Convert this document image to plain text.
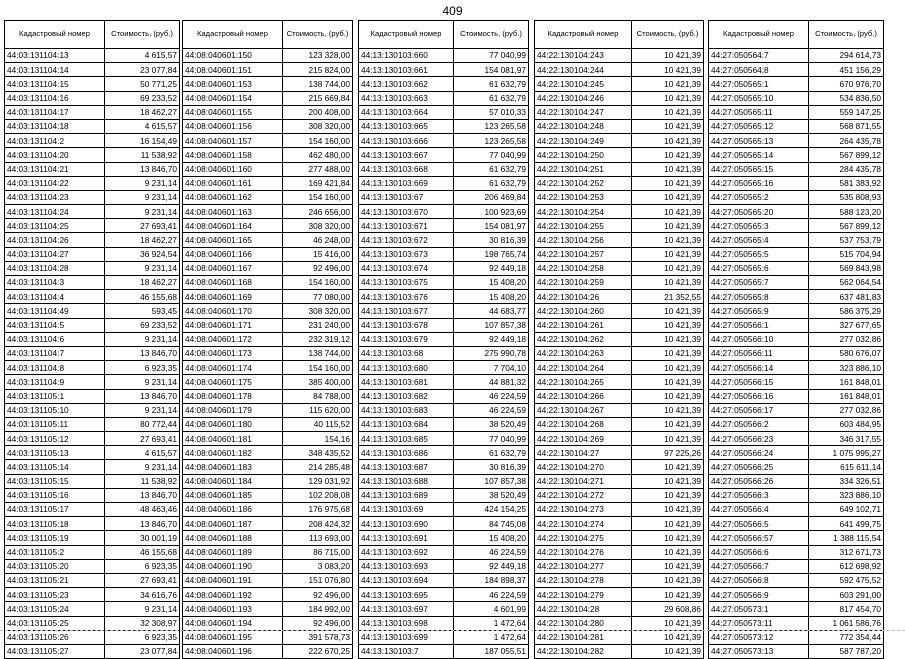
409
Кадастровый номер	Стоимость, (руб.)
44:03:131104:13	4 615,57
44:03:131104:14	23 077,84
44:03:131104:15	50 771,25
44:03:131104:16	69 233,52
44:03:131104:17	18 462,27
44:03:131104:18	4 615,57
44:03:131104:2	16 154,49
44:03:131104:20	11 538,92
44:03:131104:21	13 846,70
44:03:131104:22	9 231,14
44:03:131104:23	9 231,14
44:03:131104:24	9 231,14
44:03:131104:25	27 693,41
44:03:131104:26	18 462,27
44:03:131104:27	36 924,54
44:03:131104:28	9 231,14
44:03:131104:3	18 462,27
44:03:131104:4	46 155,68
44:03:131104:49	593,45
44:03:131104:5	69 233,52
44:03:131104:6	9 231,14
44:03:131104:7	13 846,70
44:03:131104:8	6 923,35
44:03:131104:9	9 231,14
44:03:131105:1	13 846,70
44:03:131105:10	9 231,14
44:03:131105:11	80 772,44
44:03:131105:12	27 693,41
44:03:131105:13	4 615,57
44:03:131105:14	9 231,14
44:03:131105:15	11 538,92
44:03:131105:16	13 846,70
44:03:131105:17	48 463,46
44:03:131105:18	13 846,70
44:03:131105:19	30 001,19
44:03:131105:2	46 155,68
44:03:131105:20	6 923,35
44:03:131105:21	27 693,41
44:03:131105:23	34 616,76
44:03:131105:24	9 231,14
44:03:131105:25	32 308,97
44:03:131105:26	6 923,35
44:03:131105:27	23 077,84
Кадастровый номер	Стоимость, (руб.)
44:08:040601:150	123 328,00
44:08:040601:151	215 824,00
44:08:040601:153	138 744,00
44:08:040601:154	215 669,84
44:08:040601:155	200 408,00
44:08:040601:156	308 320,00
44:08:040601:157	154 160,00
44:08:040601:158	462 480,00
44:08:040601:160	277 488,00
44:08:040601:161	169 421,84
44:08:040601:162	154 160,00
44:08:040601:163	246 656,00
44:08:040601:164	308 320,00
44:08:040601:165	46 248,00
44:08:040601:166	15 416,00
44:08:040601:167	92 496,00
44:08:040601:168	154 160,00
44:08:040601:169	77 080,00
44:08:040601:170	308 320,00
44:08:040601:171	231 240,00
44:08:040601:172	232 319,12
44:08:040601:173	138 744,00
44:08:040601:174	154 160,00
44:08:040601:175	385 400,00
44:08:040601:178	84 788,00
44:08:040601:179	115 620,00
44:08:040601:180	40 115,52
44:08:040601:181	154,16
44:08:040601:182	348 435,52
44:08:040601:183	214 285,48
44:08:040601:184	129 031,92
44:08:040601:185	102 208,08
44:08:040601:186	176 975,68
44:08:040601:187	208 424,32
44:08:040601:188	113 693,00
44:08:040601:189	86 715,00
44:08:040601:190	3 083,20
44:08:040601:191	151 076,80
44:08:040601:192	92 496,00
44:08:040601:193	184 992,00
44:08:040601:194	92 496,00
44:08:040601:195	391 578,73
44:08:040601:196	222 670,25
Кадастровый номер	Стоимость, (руб.)
44:13:130103:660	77 040,99
44:13:130103:661	154 081,97
44:13:130103:662	61 632,79
44:13:130103:663	61 632,79
44:13:130103:664	57 010,33
44:13:130103:665	123 265,58
44:13:130103:666	123 265,58
44:13:130103:667	77 040,99
44:13:130103:668	61 632,79
44:13:130103:669	61 632,79
44:13:130103:67	206 469,84
44:13:130103:670	100 923,69
44:13:130103:671	154 081,97
44:13:130103:672	30 816,39
44:13:130103:673	198 765,74
44:13:130103:674	92 449,18
44:13:130103:675	15 408,20
44:13:130103:676	15 408,20
44:13:130103:677	44 683,77
44:13:130103:678	107 857,38
44:13:130103:679	92 449,18
44:13:130103:68	275 990,78
44:13:130103:680	7 704,10
44:13:130103:681	44 881,32
44:13:130103:682	46 224,59
44:13:130103:683	46 224,59
44:13:130103:684	38 520,49
44:13:130103:685	77 040,99
44:13:130103:686	61 632,79
44:13:130103:687	30 816,39
44:13:130103:688	107 857,38
44:13:130103:689	38 520,49
44:13:130103:69	424 154,25
44:13:130103:690	84 745,08
44:13:130103:691	15 408,20
44:13:130103:692	46 224,59
44:13:130103:693	92 449,18
44:13:130103:694	184 898,37
44:13:130103:695	46 224,59
44:13:130103:697	4 601,99
44:13:130103:698	1 472,64
44:13:130103:699	1 472,64
44:13:130103:7	187 055,51
Кадастровый номер	Стоимость, (руб.)
44:22:130104:243	10 421,39
44:22:130104:244	10 421,39
44:22:130104:245	10 421,39
44:22:130104:246	10 421,39
44:22:130104:247	10 421,39
44:22:130104:248	10 421,39
44:22:130104:249	10 421,39
44:22:130104:250	10 421,39
44:22:130104:251	10 421,39
44:22:130104:252	10 421,39
44:22:130104:253	10 421,39
44:22:130104:254	10 421,39
44:22:130104:255	10 421,39
44:22:130104:256	10 421,39
44:22:130104:257	10 421,39
44:22:130104:258	10 421,39
44:22:130104:259	10 421,39
44:22:130104:26	21 352,55
44:22:130104:260	10 421,39
44:22:130104:261	10 421,39
44:22:130104:262	10 421,39
44:22:130104:263	10 421,39
44:22:130104:264	10 421,39
44:22:130104:265	10 421,39
44:22:130104:266	10 421,39
44:22:130104:267	10 421,39
44:22:130104:268	10 421,39
44:22:130104:269	10 421,39
44:22:130104:27	97 225,26
44:22:130104:270	10 421,39
44:22:130104:271	10 421,39
44:22:130104:272	10 421,39
44:22:130104:273	10 421,39
44:22:130104:274	10 421,39
44:22:130104:275	10 421,39
44:22:130104:276	10 421,39
44:22:130104:277	10 421,39
44:22:130104:278	10 421,39
44:22:130104:279	10 421,39
44:22:130104:28	29 608,86
44:22:130104:280	10 421,39
44:22:130104:281	10 421,39
44:22:130104:282	10 421,39
Кадастровый номер	Стоимость, (руб.)
44:27:050564:7	294 614,73
44:27:050564:8	451 156,29
44:27:050565:1	670 976,70
44:27:050565:10	534 836,50
44:27:050565:11	559 147,25
44:27:050565:12	568 871,55
44:27:050565:13	264 435,78
44:27:050565:14	567 899,12
44:27:050565:15	284 435,78
44:27:050565:16	581 383,92
44:27:050565:2	535 808,93
44:27:050565:20	588 123,20
44:27:050565:3	567 899,12
44:27:050565:4	537 753,79
44:27:050565:5	515 704,94
44:27:050565:6	569 843,98
44:27:050565:7	562 064,54
44:27:050565:8	637 481,83
44:27:050565:9	586 375,29
44:27:050566:1	327 677,65
44:27:050566:10	277 032,86
44:27:050566:11	580 676,07
44:27:050566:14	323 886,10
44:27:050566:15	161 848,01
44:27:050566:16	161 848,01
44:27:050566:17	277 032,86
44:27:050566:2	603 484,95
44:27:050566:23	346 317,55
44:27:050566:24	1 075 995,27
44:27:050566:25	615 611,14
44:27:050566:26	334 326,51
44:27:050566:3	323 886,10
44:27:050566:4	649 102,71
44:27:050566:5	641 499,75
44:27:050566:57	1 388 115,54
44:27:050566:6	312 671,73
44:27:050566:7	612 698,92
44:27:050566:8	592 475,52
44:27:050566:9	603 291,00
44:27:050573:1	817 454,70
44:27:050573:11	1 061 586,76
44:27:050573:12	772 354,44
44:27:050573:13	587 787,20
